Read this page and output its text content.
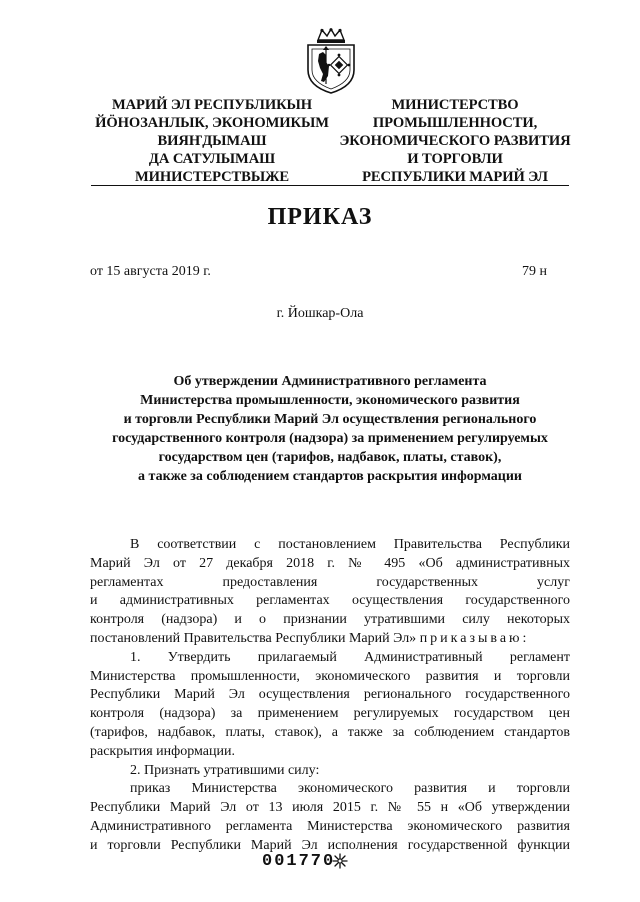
МАРИЙ ЭЛ РЕСПУБЛИКЫН
ЙÖНОЗАНЛЫК, ЭКОНОМИКЫМ
ВИЯҤДЫМАШ
ДА САТУЛЫМАШ
МИНИСТЕРСТВЫЖЕ
МИНИСТЕРСТВО
ПРОМЫШЛЕННОСТИ,
ЭКОНОМИЧЕСКОГО РАЗВИТИЯ
И ТОРГОВЛИ
РЕСПУБЛИКИ МАРИЙ ЭЛ
ПРИКАЗ
от 15 августа 2019 г.	79 н
г. Йошкар-Ола
Об утверждении Административного регламента
Министерства промышленности, экономического развития
и торговли Республики Марий Эл осуществления регионального
государственного контроля (надзора) за применением регулируемых
государством цен (тарифов, надбавок, платы, ставок),
а также за соблюдением стандартов раскрытия информации
В соответствии с постановлением Правительства Республики
Марий Эл от 27 декабря 2018 г. № 495 «Об административных
регламентах предоставления государственных услуг
и административных регламентах осуществления государственного
контроля (надзора) и о признании утратившими силу некоторых
постановлений Правительства Республики Марий Эл» приказываю:
1. Утвердить прилагаемый Административный регламент
Министерства промышленности, экономического развития и торговли
Республики Марий Эл осуществления регионального государственного
контроля (надзора) за применением регулируемых государством цен
(тарифов, надбавок, платы, ставок), а также за соблюдением стандартов
раскрытия информации.
2. Признать утратившими силу:
приказ Министерства экономического развития и торговли
Республики Марий Эл от 13 июля 2015 г. № 55 н «Об утверждении
Административного регламента Министерства экономического развития
и торговли Республики Марий Эл исполнения государственной функции
001770
